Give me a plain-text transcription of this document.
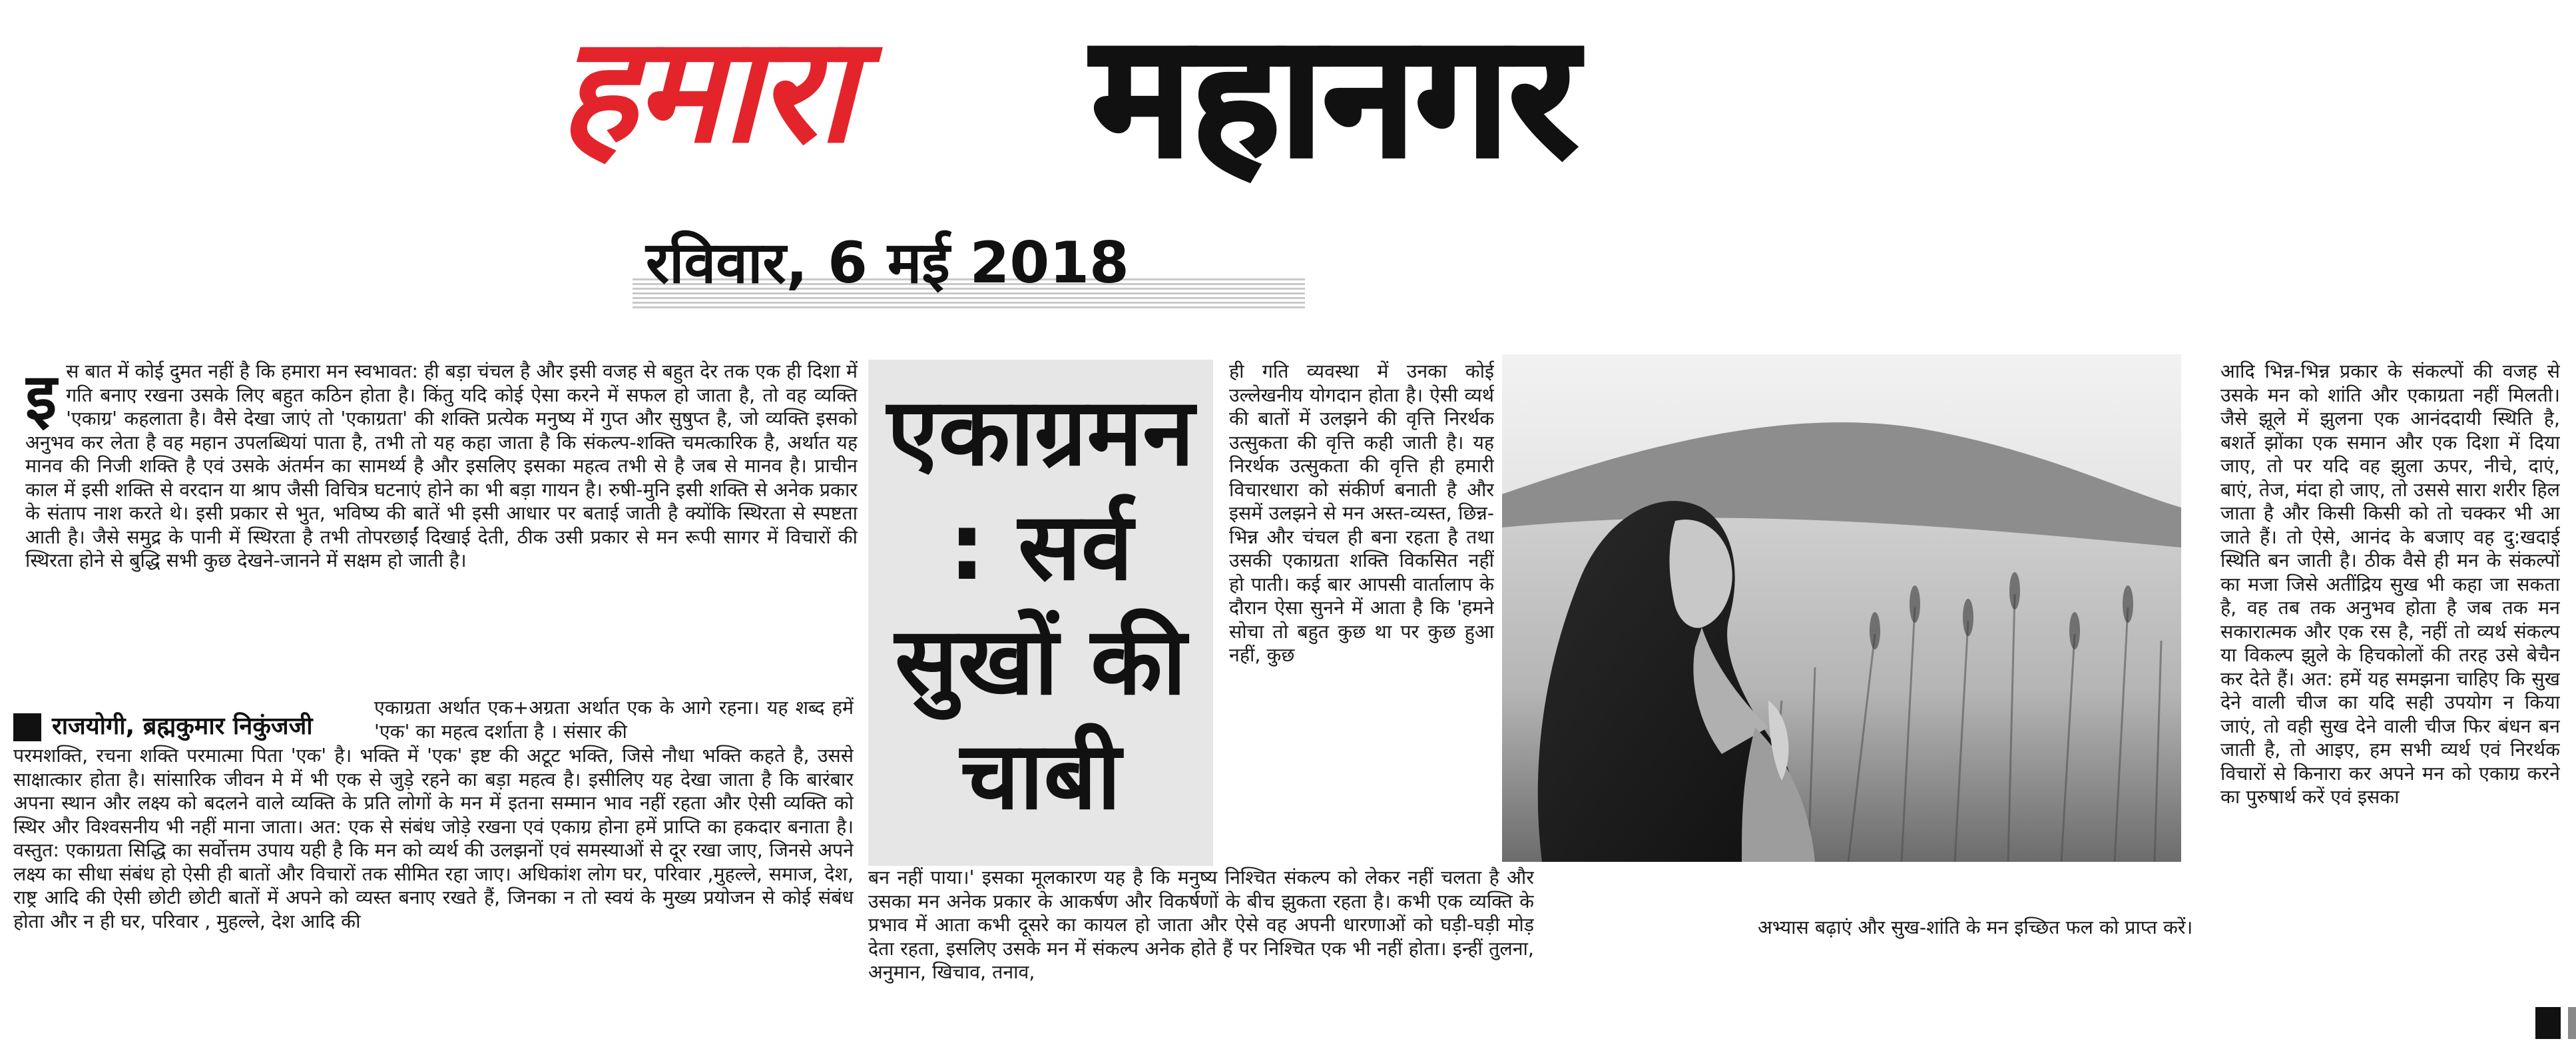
हमारा महानगर
रविवार, 6 मई 2018

इ स बात में कोई दुमत नहीं है कि हमारा मन स्वभावत: ही बड़ा चंचल है और इसी वजह से बहुत देर तक एक ही दिशा में गति बनाए रखना उसके लिए बहुत कठिन होता है। किंतु यदि कोई ऐसा करने में सफल हो जाता है, तो वह व्यक्ति 'एकाग्र' कहलाता है। वैसे देखा जाएं तो 'एकाग्रता' की शक्ति प्रत्येक मनुष्य में गुप्त और सुषुप्त है, जो व्यक्ति इसको अनुभव कर लेता है वह महान उपलब्धियां पाता है, तभी तो यह कहा जाता है कि संकल्प-शक्ति चमत्कारिक है, अर्थात यह मानव की निजी शक्ति है एवं उसके अंतर्मन का सामर्थ्य है और इसलिए इसका महत्व तभी से है जब से मानव है। प्राचीन काल में इसी शक्ति से वरदान या श्राप जैसी विचित्र घटनाएं होने का भी बड़ा गायन है। रुषी-मुनि इसी शक्ति से अनेक प्रकार के संताप नाश करते थे। इसी प्रकार से भुत, भविष्य की बातें भी इसी आधार पर बताई जाती है क्योंकि स्थिरता से स्पष्टता आती है। जैसे समुद्र के पानी में स्थिरता है तभी तोपरछाईं दिखाई देती, ठीक उसी प्रकार से मन रूपी सागर में विचारों की स्थिरता होने से बुद्धि सभी कुछ देखने-जानने में सक्षम हो जाती है।

राजयोगी, ब्रह्मकुमार निकुंजजी

एकाग्रता अर्थात एक+अग्रता अर्थात एक के आगे रहना। यह शब्द हमें 'एक' का महत्व दर्शाता है । संसार की

परमशक्ति, रचना शक्ति परमात्मा पिता 'एक' है। भक्ति में 'एक' इष्ट की अटूट भक्ति, जिसे नौधा भक्ति कहते है, उससे साक्षात्कार होता है। सांसारिक जीवन मे में भी एक से जुड़े रहने का बड़ा महत्व है। इसीलिए यह देखा जाता है कि बारंबार अपना स्थान और लक्ष्य को बदलने वाले व्यक्ति के प्रति लोगों के मन में इतना सम्मान भाव नहीं रहता और ऐसी व्यक्ति को स्थिर और विश्वसनीय भी नहीं माना जाता। अत: एक से संबंध जोड़े रखना एवं एकाग्र होना हमें प्राप्ति का हकदार बनाता है। वस्तुत: एकाग्रता सिद्धि का सर्वोत्तम उपाय यही है कि मन को व्यर्थ की उलझनों एवं समस्याओं से दूर रखा जाए, जिनसे अपने लक्ष्य का सीधा संबंध हो ऐसी ही बातों और विचारों तक सीमित रहा जाए। अधिकांश लोग घर, परिवार ,मुहल्ले, समाज, देश, राष्ट्र आदि की ऐसी छोटी छोटी बातों में अपने को व्यस्त बनाए रखते हैं, जिनका न तो स्वयं के मुख्य प्रयोजन से कोई संबंध होता और न ही घर, परिवार , मुहल्ले, देश आदि की

एकाग्रमन : सर्व सुखों की चाबी

ही गति व्यवस्था में उनका कोई उल्लेखनीय योगदान होता है। ऐसी व्यर्थ की बातों में उलझने की वृत्ति निरर्थक उत्सुकता की वृत्ति कही जाती है। यह निरर्थक उत्सुकता की वृत्ति ही हमारी विचारधारा को संकीर्ण बनाती है और इसमें उलझने से मन अस्त-व्यस्त, छिन्न-भिन्न और चंचल ही बना रहता है तथा उसकी एकाग्रता शक्ति विकसित नहीं हो पाती। कई बार आपसी वार्तालाप के दौरान ऐसा सुनने में आता है कि 'हमने सोचा तो बहुत कुछ था पर कुछ हुआ नहीं, कुछ

बन नहीं पाया।' इसका मूलकारण यह है कि मनुष्य निश्चित संकल्प को लेकर नहीं चलता है और उसका मन अनेक प्रकार के आकर्षण और विकर्षणों के बीच झुकता रहता है। कभी एक व्यक्ति के प्रभाव में आता कभी दूसरे का कायल हो जाता और ऐसे वह अपनी धारणाओं को घड़ी-घड़ी मोड़ देता रहता, इसलिए उसके मन में संकल्प अनेक होते हैं पर निश्चित एक भी नहीं होता। इन्हीं तुलना, अनुमान, खिचाव, तनाव,

अभ्यास बढ़ाएं और सुख-शांति के मन इच्छित फल को प्राप्त करें।

आदि भिन्न-भिन्न प्रकार के संकल्पों की वजह से उसके मन को शांति और एकाग्रता नहीं मिलती। जैसे झूले में झुलना एक आनंददायी स्थिति है, बशर्ते झोंका एक समान और एक दिशा में दिया जाए, तो पर यदि वह झुला ऊपर, नीचे, दाएं, बाएं, तेज, मंदा हो जाए, तो उससे सारा शरीर हिल जाता है और किसी किसी को तो चक्कर भी आ जाते हैं। तो ऐसे, आनंद के बजाए वह दु:खदाई स्थिति बन जाती है। ठीक वैसे ही मन के संकल्पों का मजा जिसे अतींद्रिय सुख भी कहा जा सकता है, वह तब तक अनुभव होता है जब तक मन सकारात्मक और एक रस है, नहीं तो व्यर्थ संकल्प या विकल्प झुले के हिचकोलों की तरह उसे बेचैन कर देते हैं। अत: हमें यह समझना चाहिए कि सुख देने वाली चीज का यदि सही उपयोग न किया जाएं, तो वही सुख देने वाली चीज फिर बंधन बन जाती है, तो आइए, हम सभी व्यर्थ एवं निरर्थक विचारों से किनारा कर अपने मन को एकाग्र करने का पुरुषार्थ करें एवं इसका
